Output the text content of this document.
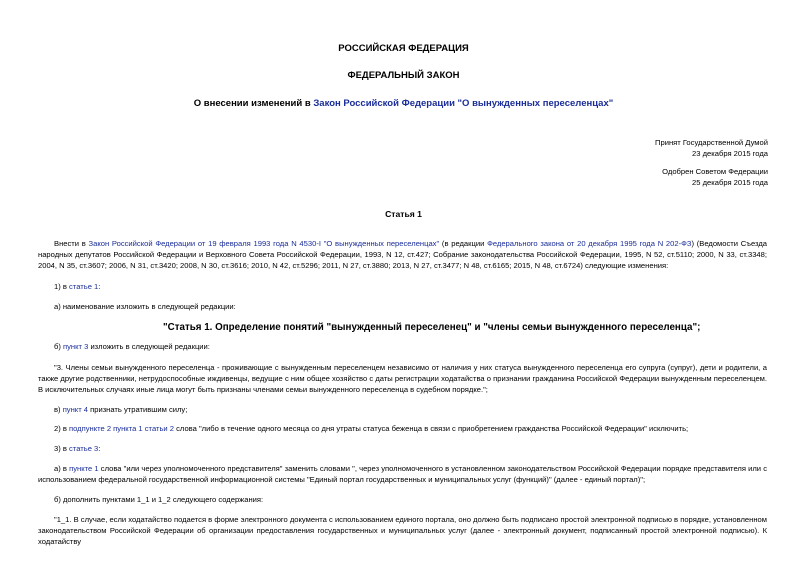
РОССИЙСКАЯ ФЕДЕРАЦИЯ
ФЕДЕРАЛЬНЫЙ ЗАКОН
О внесении изменений в Закон Российской Федерации "О вынужденных переселенцах"
Принят Государственной Думой
23 декабря 2015 года
Одобрен Советом Федерации
25 декабря 2015 года
Статья 1
Внести в Закон Российской Федерации от 19 февраля 1993 года N 4530-I "О вынужденных переселенцах" (в редакции Федерального закона от 20 декабря 1995 года N 202-ФЗ) (Ведомости Съезда народных депутатов Российской Федерации и Верховного Совета Российской Федерации, 1993, N 12, ст.427; Собрание законодательства Российской Федерации, 1995, N 52, ст.5110; 2000, N 33, ст.3348; 2004, N 35, ст.3607; 2006, N 31, ст.3420; 2008, N 30, ст.3616; 2010, N 42, ст.5296; 2011, N 27, ст.3880; 2013, N 27, ст.3477; N 48, ст.6165; 2015, N 48, ст.6724) следующие изменения:
1) в статье 1:
а) наименование изложить в следующей редакции:
"Статья 1. Определение понятий "вынужденный переселенец" и "члены семьи вынужденного переселенца";
б) пункт 3 изложить в следующей редакции:
"3. Члены семьи вынужденного переселенца - проживающие с вынужденным переселенцем независимо от наличия у них статуса вынужденного переселенца его супруга (супруг), дети и родители, а также другие родственники, нетрудоспособные иждивенцы, ведущие с ним общее хозяйство с даты регистрации ходатайства о признании гражданина Российской Федерации вынужденным переселенцем. В исключительных случаях иные лица могут быть признаны членами семьи вынужденного переселенца в судебном порядке.";
в) пункт 4 признать утратившим силу;
2) в подпункте 2 пункта 1 статьи 2 слова "либо в течение одного месяца со дня утраты статуса беженца в связи с приобретением гражданства Российской Федерации" исключить;
3) в статье 3:
а) в пункте 1 слова "или через уполномоченного представителя" заменить словами ", через уполномоченного в установленном законодательством Российской Федерации порядке представителя или с использованием федеральной государственной информационной системы "Единый портал государственных и муниципальных услуг (функций)" (далее - единый портал)";
б) дополнить пунктами 1_1 и 1_2 следующего содержания:
"1_1. В случае, если ходатайство подается в форме электронного документа с использованием единого портала, оно должно быть подписано простой электронной подписью в порядке, установленном законодательством Российской Федерации об организации предоставления государственных и муниципальных услуг (далее - электронный документ, подписанный простой электронной подписью). К ходатайству
